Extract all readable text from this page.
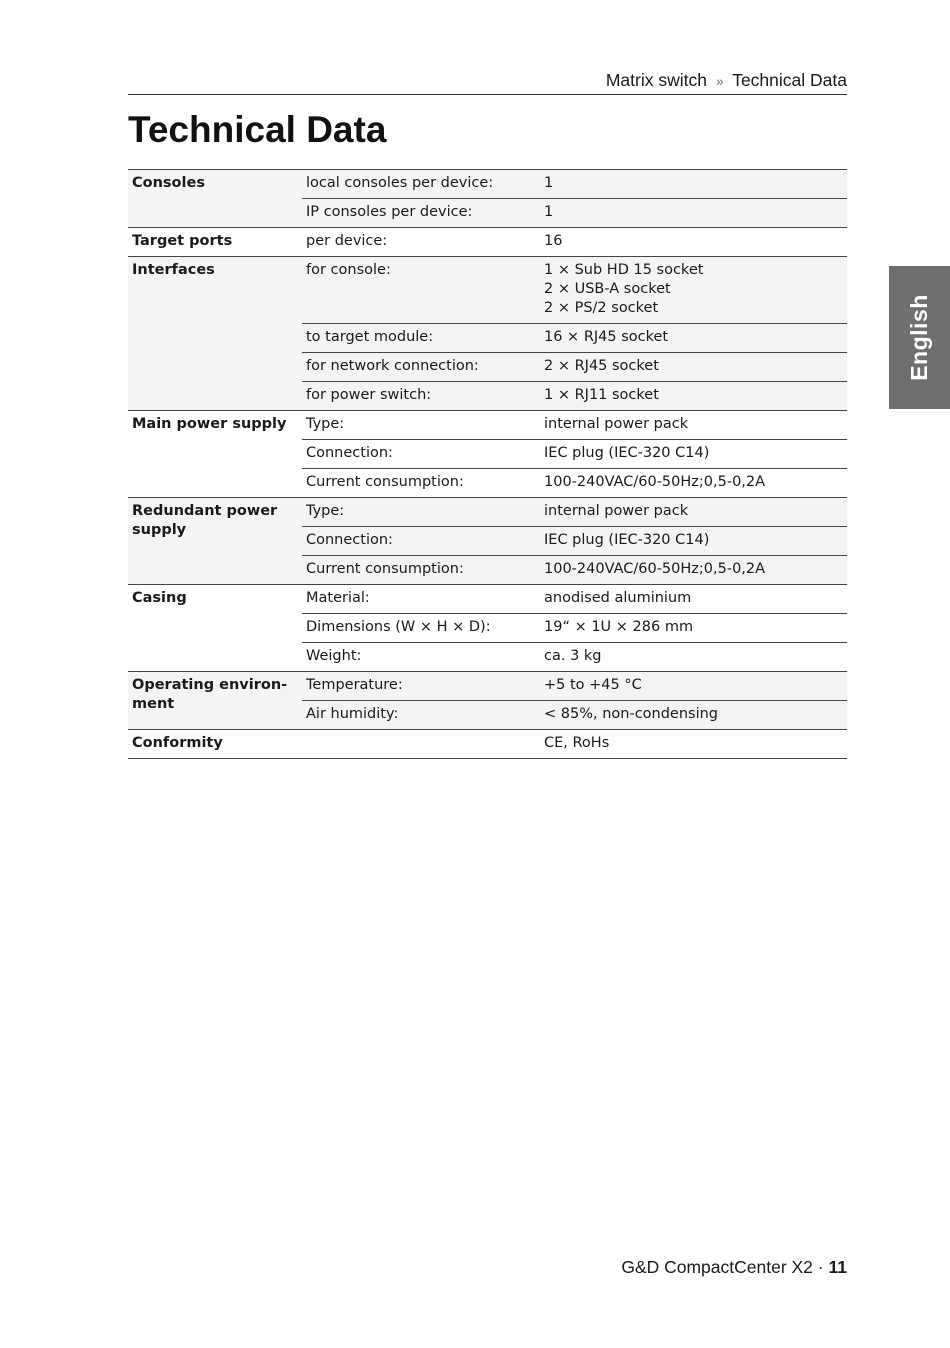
Matrix switch » Technical Data
Technical Data
English
Consoles	local consoles per device:	1

	IP consoles per device:	1

Target ports	per device:	16

Interfaces	for console:	1 × Sub HD 15 socket
2 × USB-A socket
2 × PS/2 socket

	to target module:	16 × RJ45 socket

	for network connection:	2 × RJ45 socket

	for power switch:	1 × RJ11 socket

Main power supply	Type:	internal power pack

	Connection:	IEC plug (IEC-320 C14)

	Current consumption:	100-240VAC/60-50Hz;0,5-0,2A

Redundant power supply	Type:	internal power pack

	Connection:	IEC plug (IEC-320 C14)

	Current consumption:	100-240VAC/60-50Hz;0,5-0,2A

Casing	Material:	anodised aluminium

	Dimensions (W × H × D):	19“ × 1U × 286 mm

	Weight:	ca. 3 kg

Operating environ-ment	Temperature:	+5 to +45 °C

	Air humidity:	< 85%, non-condensing

Conformity		CE, RoHs
G&D CompactCenter X2 · 11
